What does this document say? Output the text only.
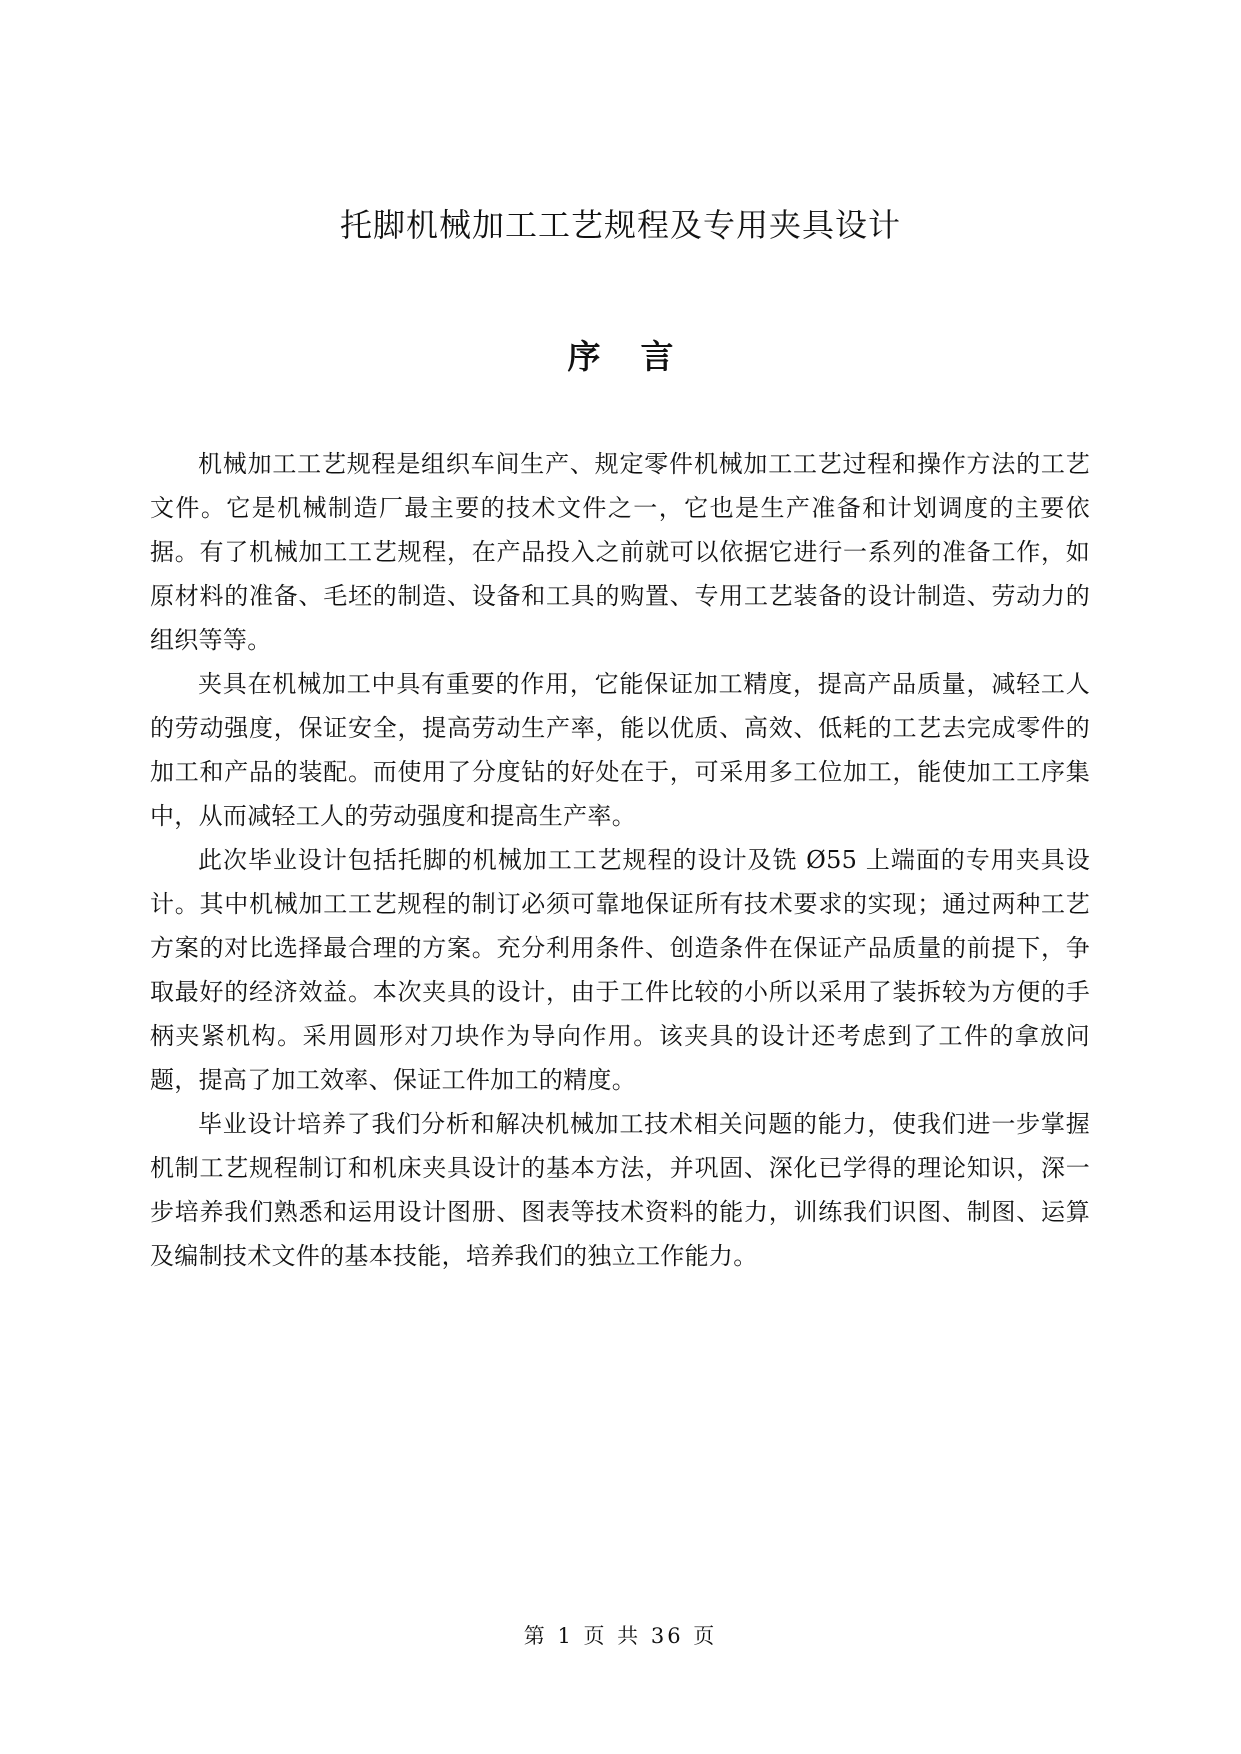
托脚机械加工工艺规程及专用夹具设计
序 言

机械加工工艺规程是组织车间生产、规定零件机械加工工艺过程和操作方法的工艺文件。它是机械制造厂最主要的技术文件之一，它也是生产准备和计划调度的主要依据。有了机械加工工艺规程，在产品投入之前就可以依据它进行一系列的准备工作，如原材料的准备、毛坯的制造、设备和工具的购置、专用工艺装备的设计制造、劳动力的组织等等。

夹具在机械加工中具有重要的作用，它能保证加工精度，提高产品质量，减轻工人的劳动强度，保证安全，提高劳动生产率，能以优质、高效、低耗的工艺去完成零件的加工和产品的装配。而使用了分度钻的好处在于，可采用多工位加工，能使加工工序集中，从而减轻工人的劳动强度和提高生产率。

此次毕业设计包括托脚的机械加工工艺规程的设计及铣 Ø55 上端面的专用夹具设计。其中机械加工工艺规程的制订必须可靠地保证所有技术要求的实现；通过两种工艺方案的对比选择最合理的方案。充分利用条件、创造条件在保证产品质量的前提下，争取最好的经济效益。本次夹具的设计，由于工件比较的小所以采用了装拆较为方便的手柄夹紧机构。采用圆形对刀块作为导向作用。该夹具的设计还考虑到了工件的拿放问题，提高了加工效率、保证工件加工的精度。

毕业设计培养了我们分析和解决机械加工技术相关问题的能力，使我们进一步掌握机制工艺规程制订和机床夹具设计的基本方法，并巩固、深化已学得的理论知识，深一步培养我们熟悉和运用设计图册、图表等技术资料的能力，训练我们识图、制图、运算及编制技术文件的基本技能，培养我们的独立工作能力。

第 1 页 共 36 页
